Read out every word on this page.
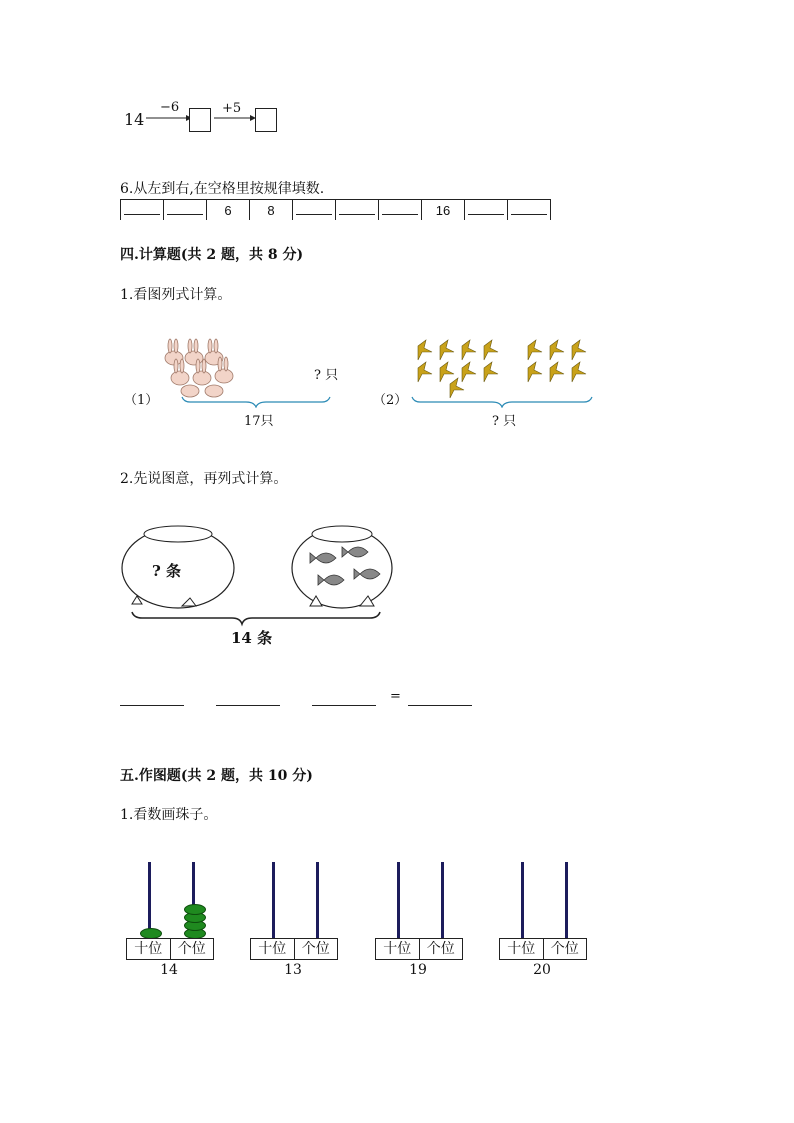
14
−6	+5
6.从左到右,在空格里按规律填数.
		6	8				16		
四.计算题(共 2 题，共 8 分)
1.看图列式计算。
（1）
? 只
17只
（2）
? 只
2.先说图意，再列式计算。
? 条
14 条
=
五.作图题(共 2 题，共 10 分)
1.看数画珠子。
十位	个位
14
十位	个位
13
十位	个位
19
十位	个位
20
